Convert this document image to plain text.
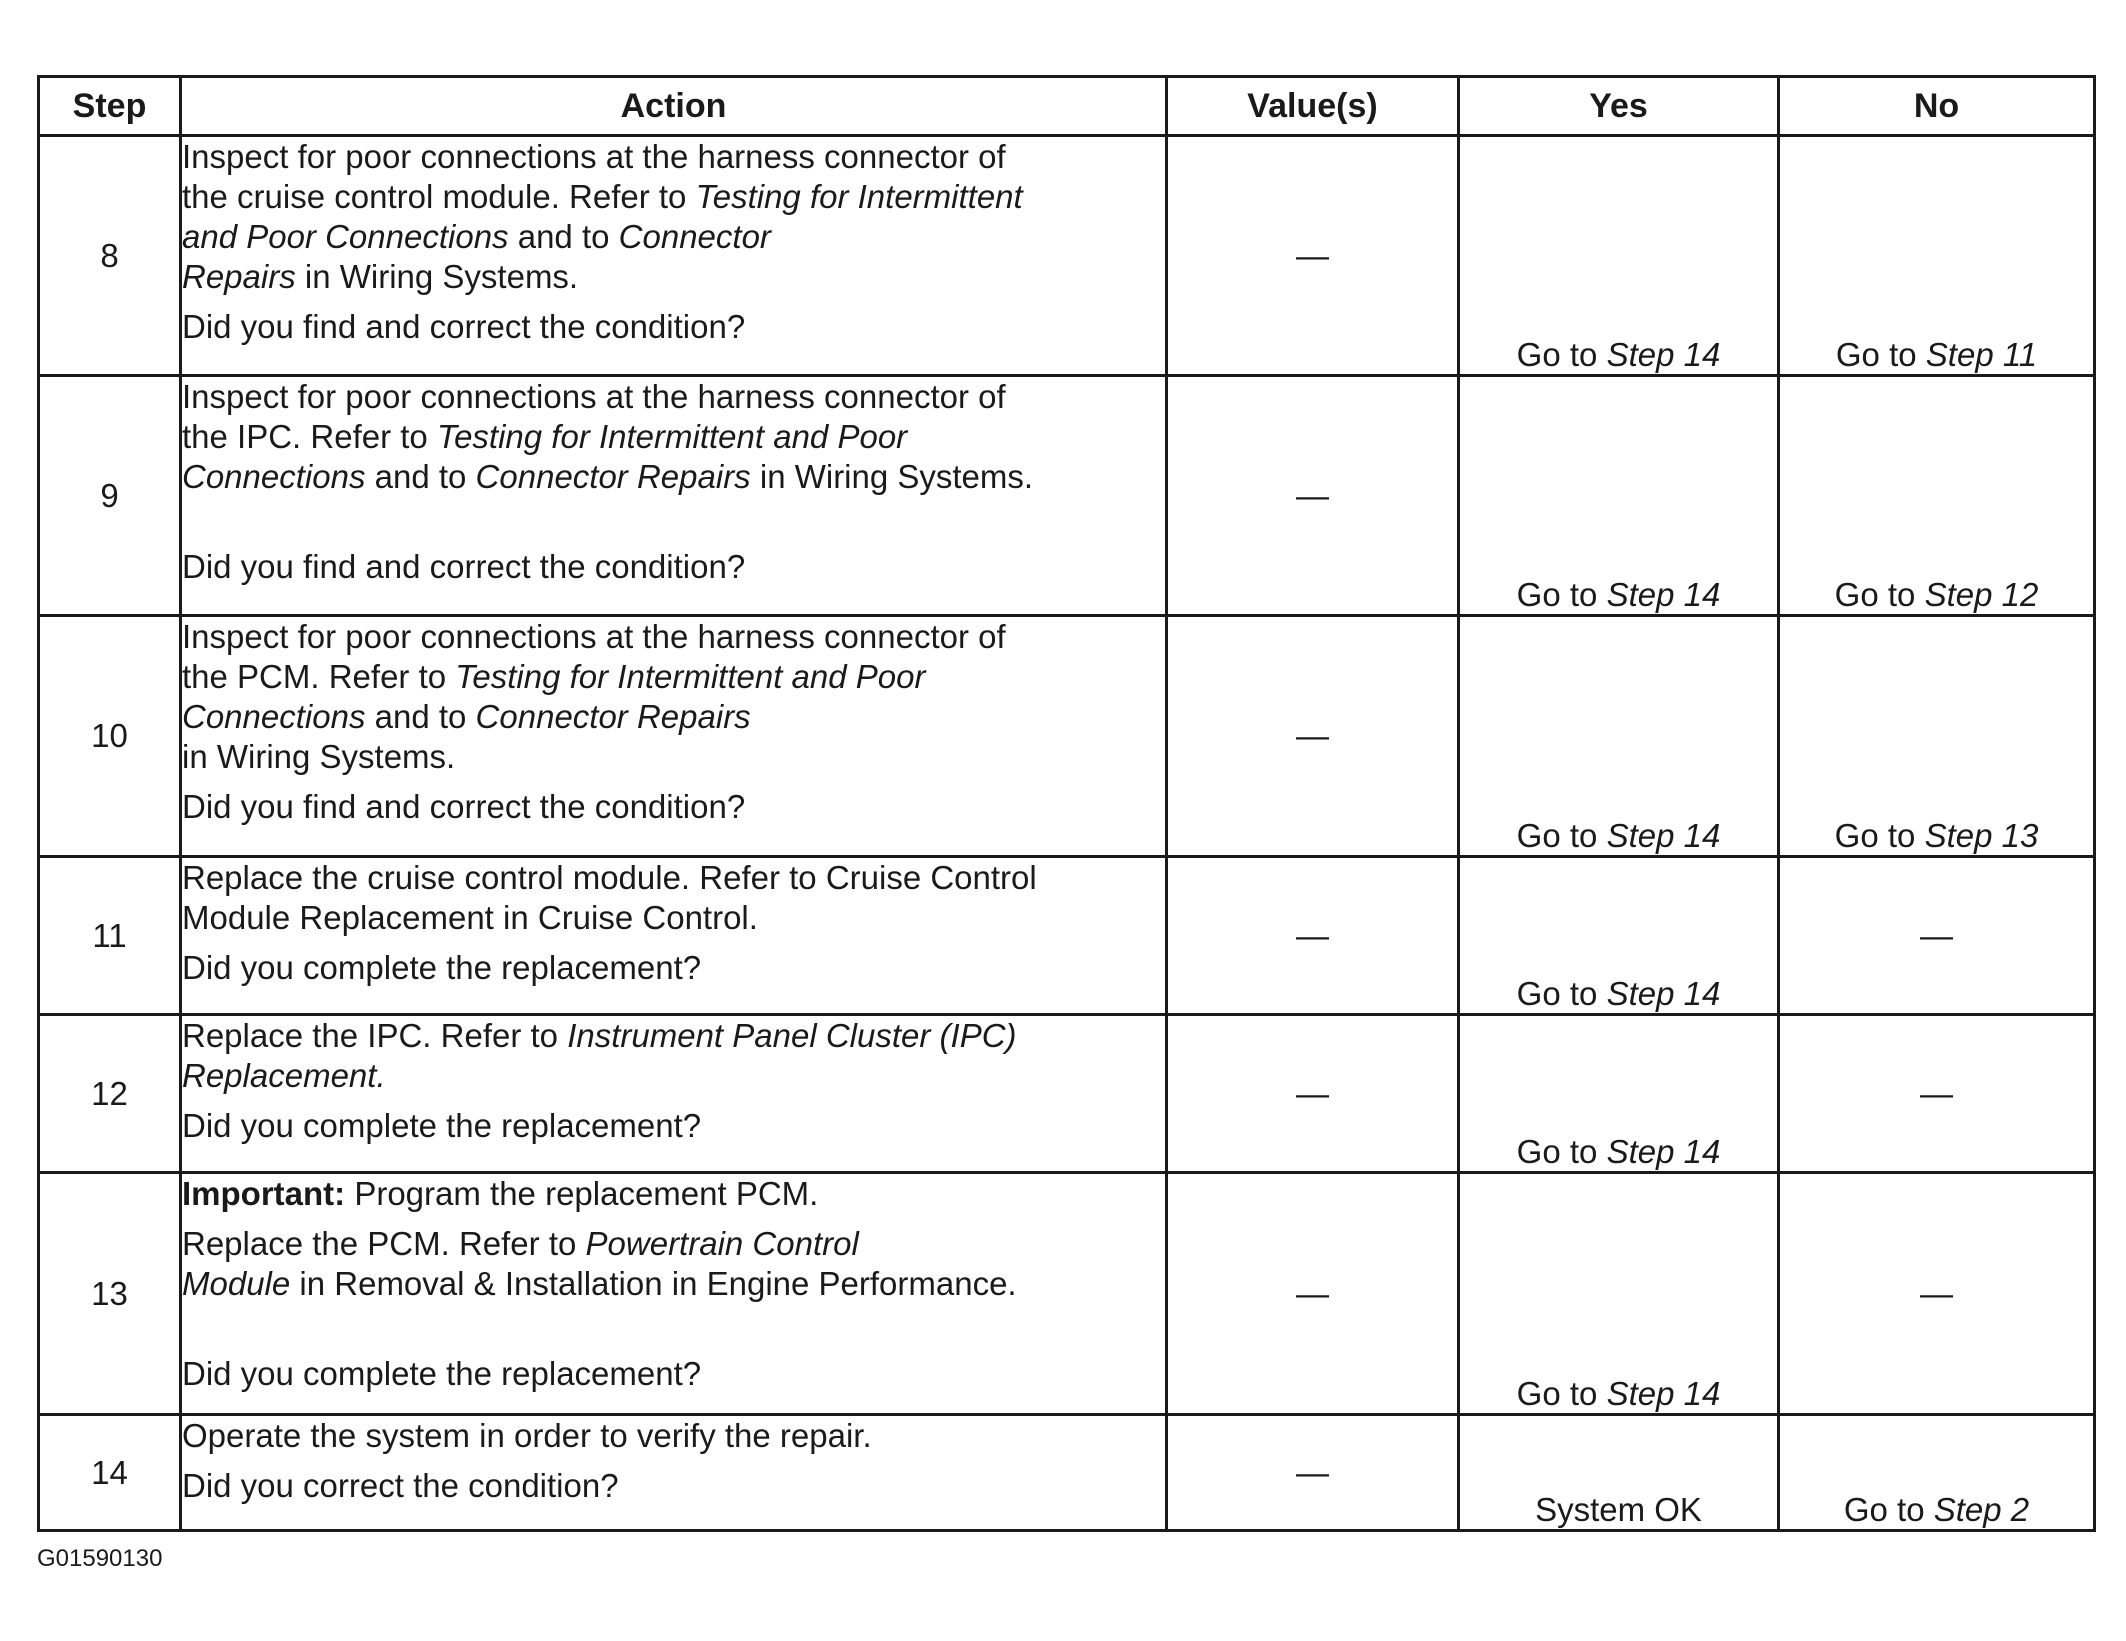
Step	Action	Value(s)	Yes	No
8	Inspect for poor connections at the harness connector of

the cruise control module. Refer to Testing for Intermittent

and Poor Connections and to Connector

Repairs in Wiring Systems.

Did you find and correct the condition?	—	Go to Step 14	Go to Step 11
9	Inspect for poor connections at the harness connector of

the IPC. Refer to Testing for Intermittent and Poor

Connections and to Connector Repairs in Wiring Systems.

Did you find and correct the condition?	—	Go to Step 14	Go to Step 12
10	Inspect for poor connections at the harness connector of

the PCM. Refer to Testing for Intermittent and Poor

Connections and to Connector Repairs

in Wiring Systems.

Did you find and correct the condition?	—	Go to Step 14	Go to Step 13
11	Replace the cruise control module. Refer to Cruise Control

Module Replacement in Cruise Control.

Did you complete the replacement?	—	Go to Step 14	—
12	Replace the IPC. Refer to Instrument Panel Cluster (IPC)

Replacement.

Did you complete the replacement?	—	Go to Step 14	—
13	Important: Program the replacement PCM.

Replace the PCM. Refer to Powertrain Control

Module in Removal & Installation in Engine Performance.

Did you complete the replacement?	—	Go to Step 14	—
14	Operate the system in order to verify the repair.

Did you correct the condition?	—	System OK	Go to Step 2
G01590130
